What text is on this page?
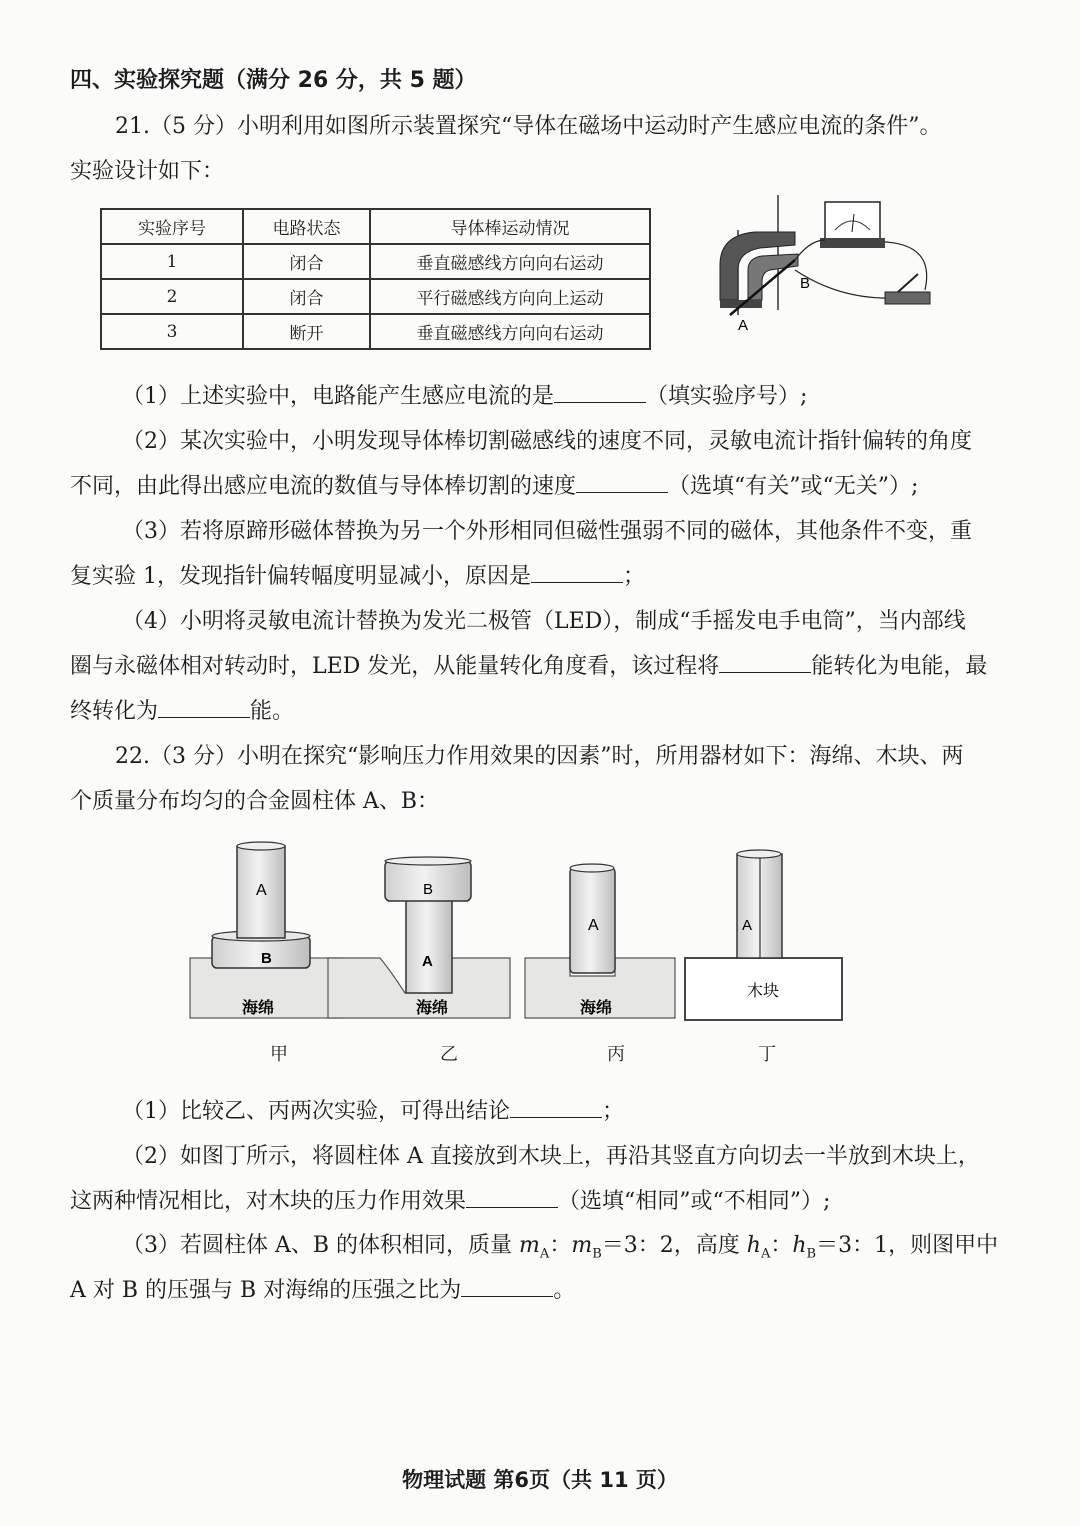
四、实验探究题（满分 26 分，共 5 题）
21.（5 分）小明利用如图所示装置探究“导体在磁场中运动时产生感应电流的条件”。
实验设计如下：
实验序号	电路状态	导体棒运动情况
1	闭合	垂直磁感线方向向右运动
2	闭合	平行磁感线方向向上运动
3	断开	垂直磁感线方向向右运动
B
A
（1）上述实验中，电路能产生感应电流的是	（填实验序号）;
（2）某次实验中，小明发现导体棒切割磁感线的速度不同，灵敏电流计指针偏转的角度
不同，由此得出感应电流的数值与导体棒切割的速度	（选填“有关”或“无关”）;
（3）若将原蹄形磁体替换为另一个外形相同但磁性强弱不同的磁体，其他条件不变，重
复实验 1，发现指针偏转幅度明显减小，原因是	；
（4）小明将灵敏电流计替换为发光二极管（LED），制成“手摇发电手电筒”，当内部线
圈与永磁体相对转动时，LED 发光，从能量转化角度看，该过程将	能转化为电能，最
终转化为	能。
22.（3 分）小明在探究“影响压力作用效果的因素”时，所用器材如下：海绵、木块、两
个质量分布均匀的合金圆柱体 A、B：
A
B
海绵
B
A
海绵
A
海绵
A
木块
甲	乙	丙	丁
（1）比较乙、丙两次实验，可得出结论	；
（2）如图丁所示，将圆柱体 A 直接放到木块上，再沿其竖直方向切去一半放到木块上，
这两种情况相比，对木块的压力作用效果	（选填“相同”或“不相同”）;
（3）若圆柱体 A、B 的体积相同，质量 $m_A$：$m_B=3$：2，高度 $h_A$：$h_B=3$：1，则图甲中
A 对 B 的压强与 B 对海绵的压强之比为	。
物理试题 第6页（共 11 页）
